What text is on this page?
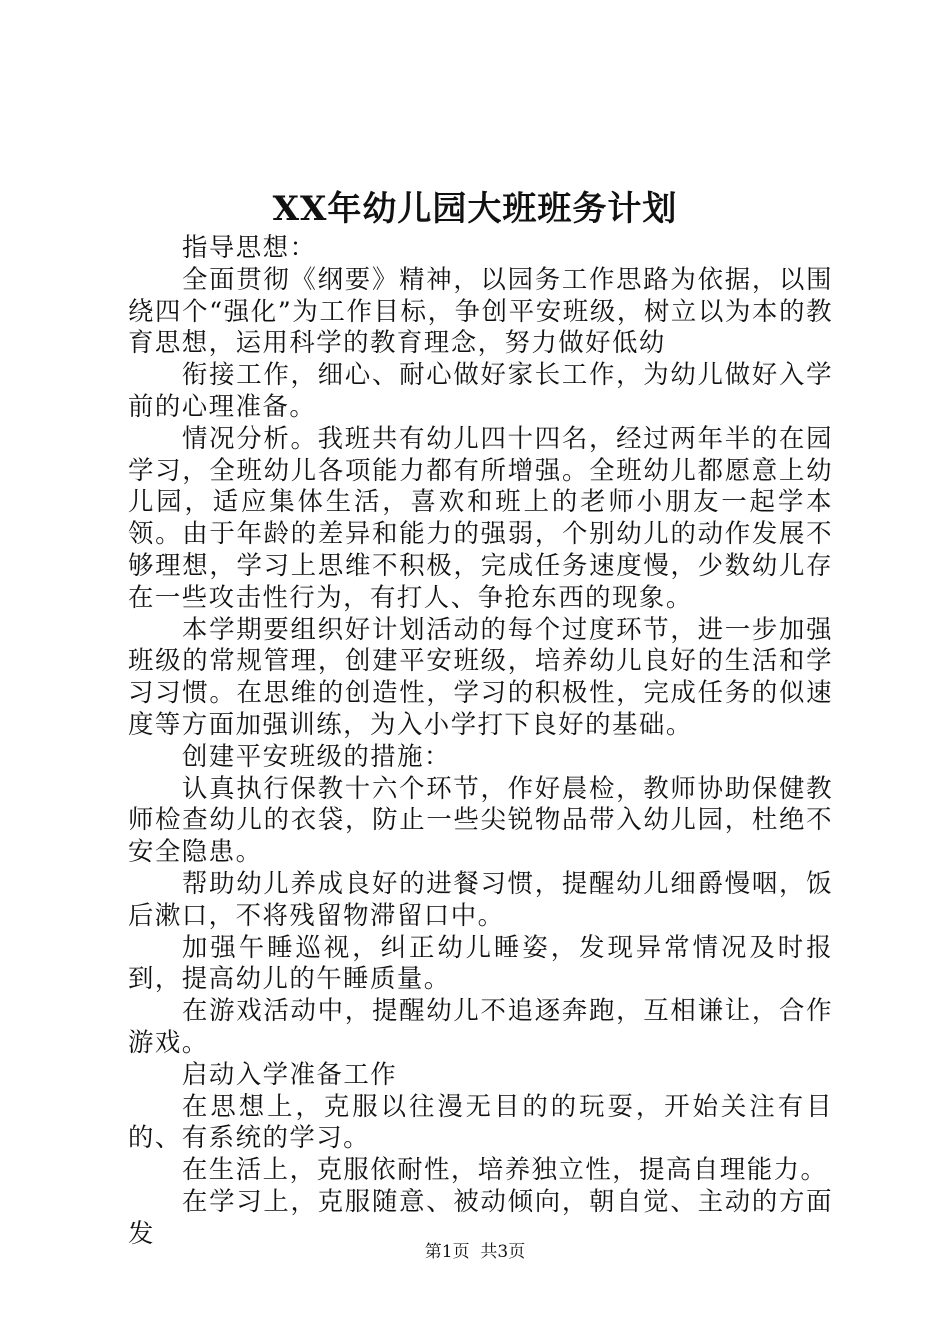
XX年幼儿园大班班务计划

指导思想：

全面贯彻《纲要》精神，以园务工作思路为依据，以围绕四个“强化”为工作目标，争创平安班级，树立以为本的教育思想，运用科学的教育理念，努力做好低幼

衔接工作，细心、耐心做好家长工作，为幼儿做好入学前的心理准备。

情况分析。我班共有幼儿四十四名，经过两年半的在园学习，全班幼儿各项能力都有所增强。全班幼儿都愿意上幼儿园，适应集体生活，喜欢和班上的老师小朋友一起学本领。由于年龄的差异和能力的强弱，个别幼儿的动作发展不够理想，学习上思维不积极，完成任务速度慢，少数幼儿存在一些攻击性行为，有打人、争抢东西的现象。

本学期要组织好计划活动的每个过度环节，进一步加强班级的常规管理，创建平安班级，培养幼儿良好的生活和学习习惯。在思维的创造性，学习的积极性，完成任务的似速度等方面加强训练，为入小学打下良好的基础。

创建平安班级的措施：

认真执行保教十六个环节，作好晨检，教师协助保健教师检查幼儿的衣袋，防止一些尖锐物品带入幼儿园，杜绝不安全隐患。

帮助幼儿养成良好的进餐习惯，提醒幼儿细爵慢咽，饭后漱口，不将残留物滞留口中。

加强午睡巡视，纠正幼儿睡姿，发现异常情况及时报到，提高幼儿的午睡质量。

在游戏活动中，提醒幼儿不追逐奔跑，互相谦让，合作游戏。

启动入学准备工作

在思想上，克服以往漫无目的的玩耍，开始关注有目的、有系统的学习。

在生活上，克服依耐性，培养独立性，提高自理能力。

在学习上，克服随意、被动倾向，朝自觉、主动的方面发

第1页  共3页
